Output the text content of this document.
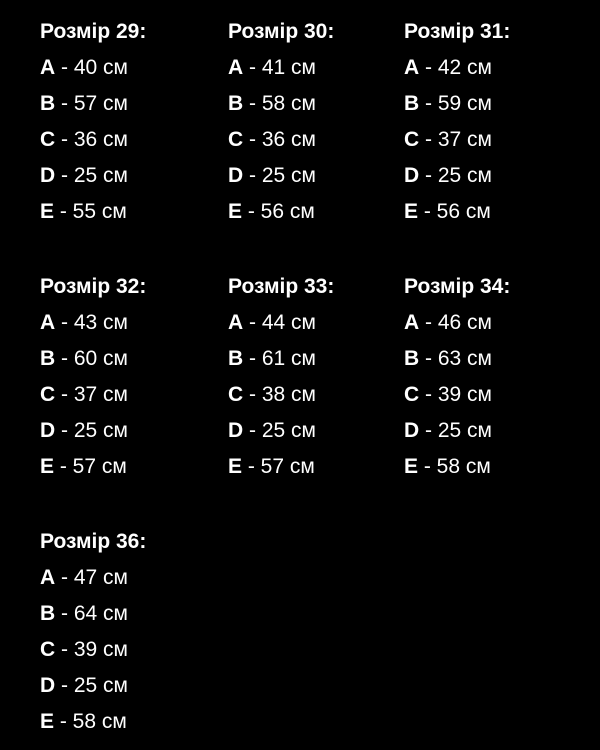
Розмір 29:
A - 40 см
B - 57 см
C - 36 см
D - 25 см
E - 55 см
Розмір 30:
A - 41 см
B - 58 см
C - 36 см
D - 25 см
E - 56 см
Розмір 31:
A - 42 см
B - 59 см
C - 37 см
D - 25 см
E - 56 см
Розмір 32:
A - 43 см
B - 60 см
C - 37 см
D - 25 см
E - 57 см
Розмір 33:
A - 44 см
B - 61 см
C - 38 см
D - 25 см
E - 57 см
Розмір 34:
A - 46 см
B - 63 см
C - 39 см
D - 25 см
E - 58 см
Розмір 36:
A - 47 см
B - 64 см
C - 39 см
D - 25 см
E - 58 см
